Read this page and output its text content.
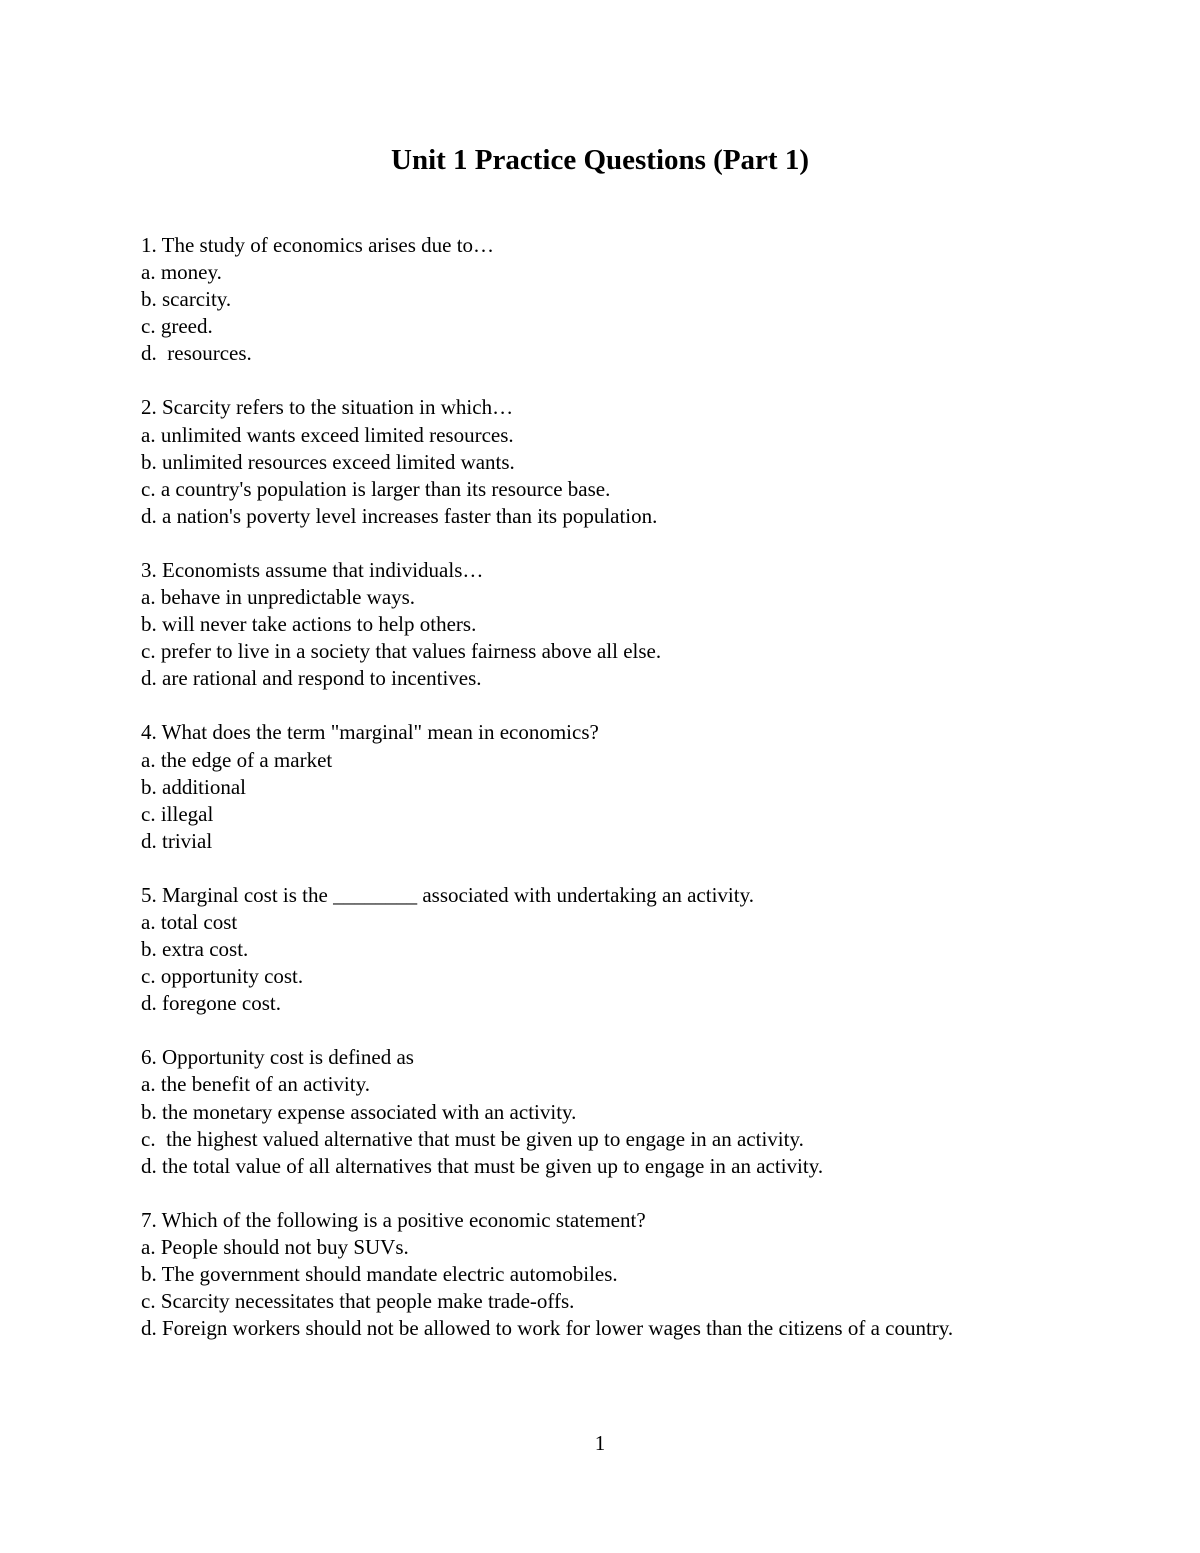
Unit 1 Practice Questions (Part 1)
1. The study of economics arises due to…
a. money.
b. scarcity.
c. greed.
d.  resources.
2. Scarcity refers to the situation in which…
a. unlimited wants exceed limited resources.
b. unlimited resources exceed limited wants.
c. a country's population is larger than its resource base.
d. a nation's poverty level increases faster than its population.
3. Economists assume that individuals…
a. behave in unpredictable ways.
b. will never take actions to help others.
c. prefer to live in a society that values fairness above all else.
d. are rational and respond to incentives.
4. What does the term "marginal" mean in economics?
a. the edge of a market
b. additional
c. illegal
d. trivial
5. Marginal cost is the ________ associated with undertaking an activity.
a. total cost
b. extra cost.
c. opportunity cost.
d. foregone cost.
6. Opportunity cost is defined as
a. the benefit of an activity.
b. the monetary expense associated with an activity.
c.  the highest valued alternative that must be given up to engage in an activity.
d. the total value of all alternatives that must be given up to engage in an activity.
7. Which of the following is a positive economic statement?
a. People should not buy SUVs.
b. The government should mandate electric automobiles.
c. Scarcity necessitates that people make trade-offs.
d. Foreign workers should not be allowed to work for lower wages than the citizens of a country.
1
